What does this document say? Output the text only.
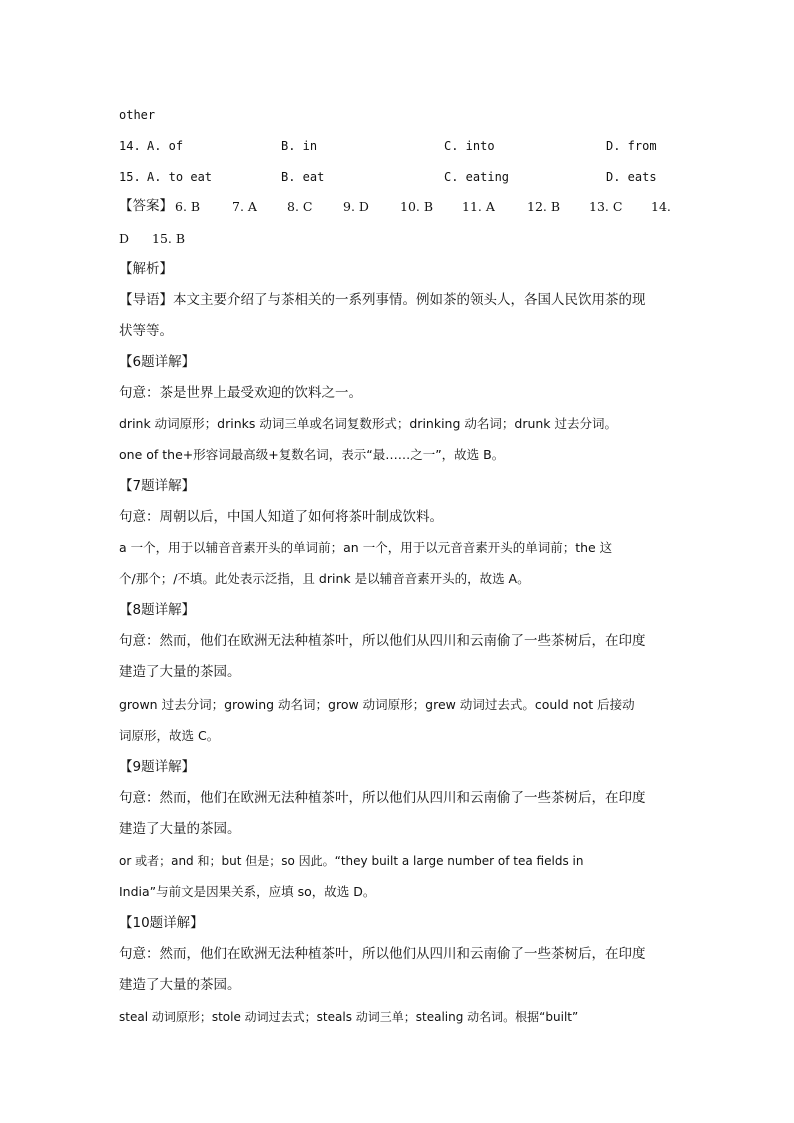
other
14. A. of	B. in	C. into	D. from
15. A. to eat	B. eat	C. eating	D. eats
【答案】 6. B	7. A 8. C 9. D 10. B 11. A	12. B 13. C 14.
D 15. B
【解析】
【导语】本文主要介绍了与茶相关的一系列事情。例如茶的领头人，各国人民饮用茶的现
状等等。
【6题详解】
句意：茶是世界上最受欢迎的饮料之一。
drink 动词原形；drinks 动词三单或名词复数形式；drinking 动名词；drunk 过去分词。
one of the+形容词最高级+复数名词，表示“最……之一”，故选 B。
【7题详解】
句意：周朝以后，中国人知道了如何将茶叶制成饮料。
a 一个，用于以辅音音素开头的单词前；an 一个，用于以元音音素开头的单词前；the 这
个/那个；/不填。此处表示泛指，且 drink 是以辅音音素开头的，故选 A。
【8题详解】
句意：然而，他们在欧洲无法种植茶叶，所以他们从四川和云南偷了一些茶树后，在印度
建造了大量的茶园。
grown 过去分词；growing 动名词；grow 动词原形；grew 动词过去式。could not 后接动
词原形，故选 C。
【9题详解】
句意：然而，他们在欧洲无法种植茶叶，所以他们从四川和云南偷了一些茶树后，在印度
建造了大量的茶园。
or 或者；and 和；but 但是；so 因此。“they built a large number of tea fields in
India”与前文是因果关系，应填 so，故选 D。
【10题详解】
句意：然而，他们在欧洲无法种植茶叶，所以他们从四川和云南偷了一些茶树后，在印度
建造了大量的茶园。
steal 动词原形；stole 动词过去式；steals 动词三单；stealing 动名词。根据“built”
